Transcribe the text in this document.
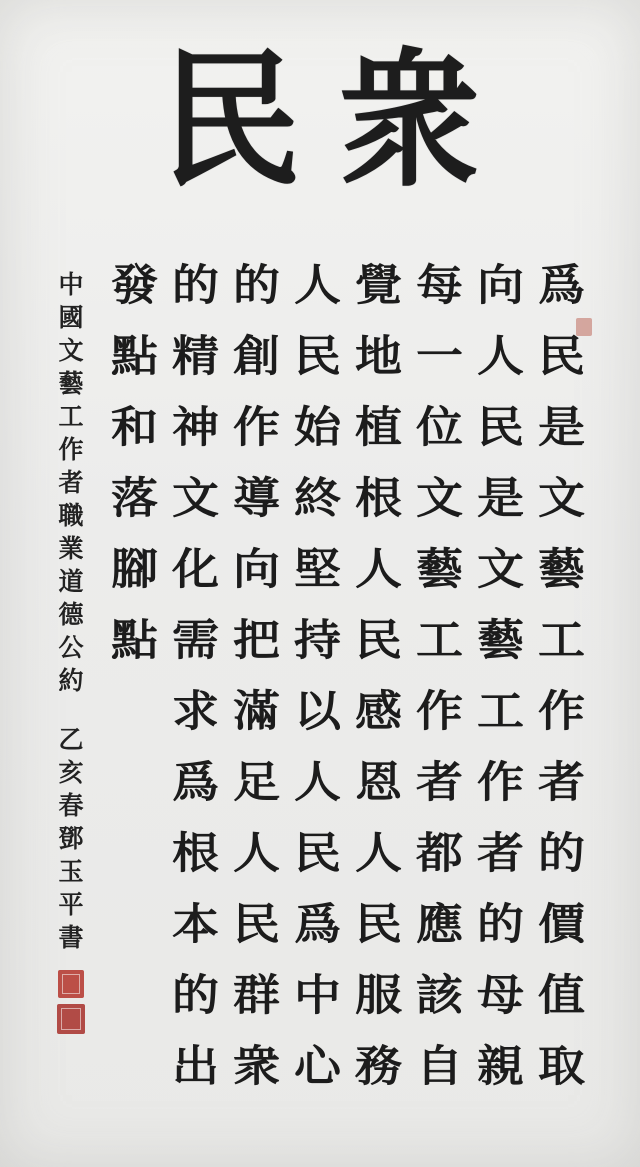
民 衆
爲
民
是
文
藝
工
作
者
的
價
值
取
向
人
民
是
文
藝
工
作
者
的
母
親
每
一
位
文
藝
工
作
者
都
應
該
自
覺
地
植
根
人
民
感
恩
人
民
服
務
人
民
始
終
堅
持
以
人
民
爲
中
心
的
創
作
導
向
把
滿
足
人
民
群
衆
的
精
神
文
化
需
求
爲
根
本
的
出
發
點
和
落
腳
點
中
國
文
藝
工
作
者
職
業
道
德
公
約
乙
亥
春
鄧
玉
平
書
